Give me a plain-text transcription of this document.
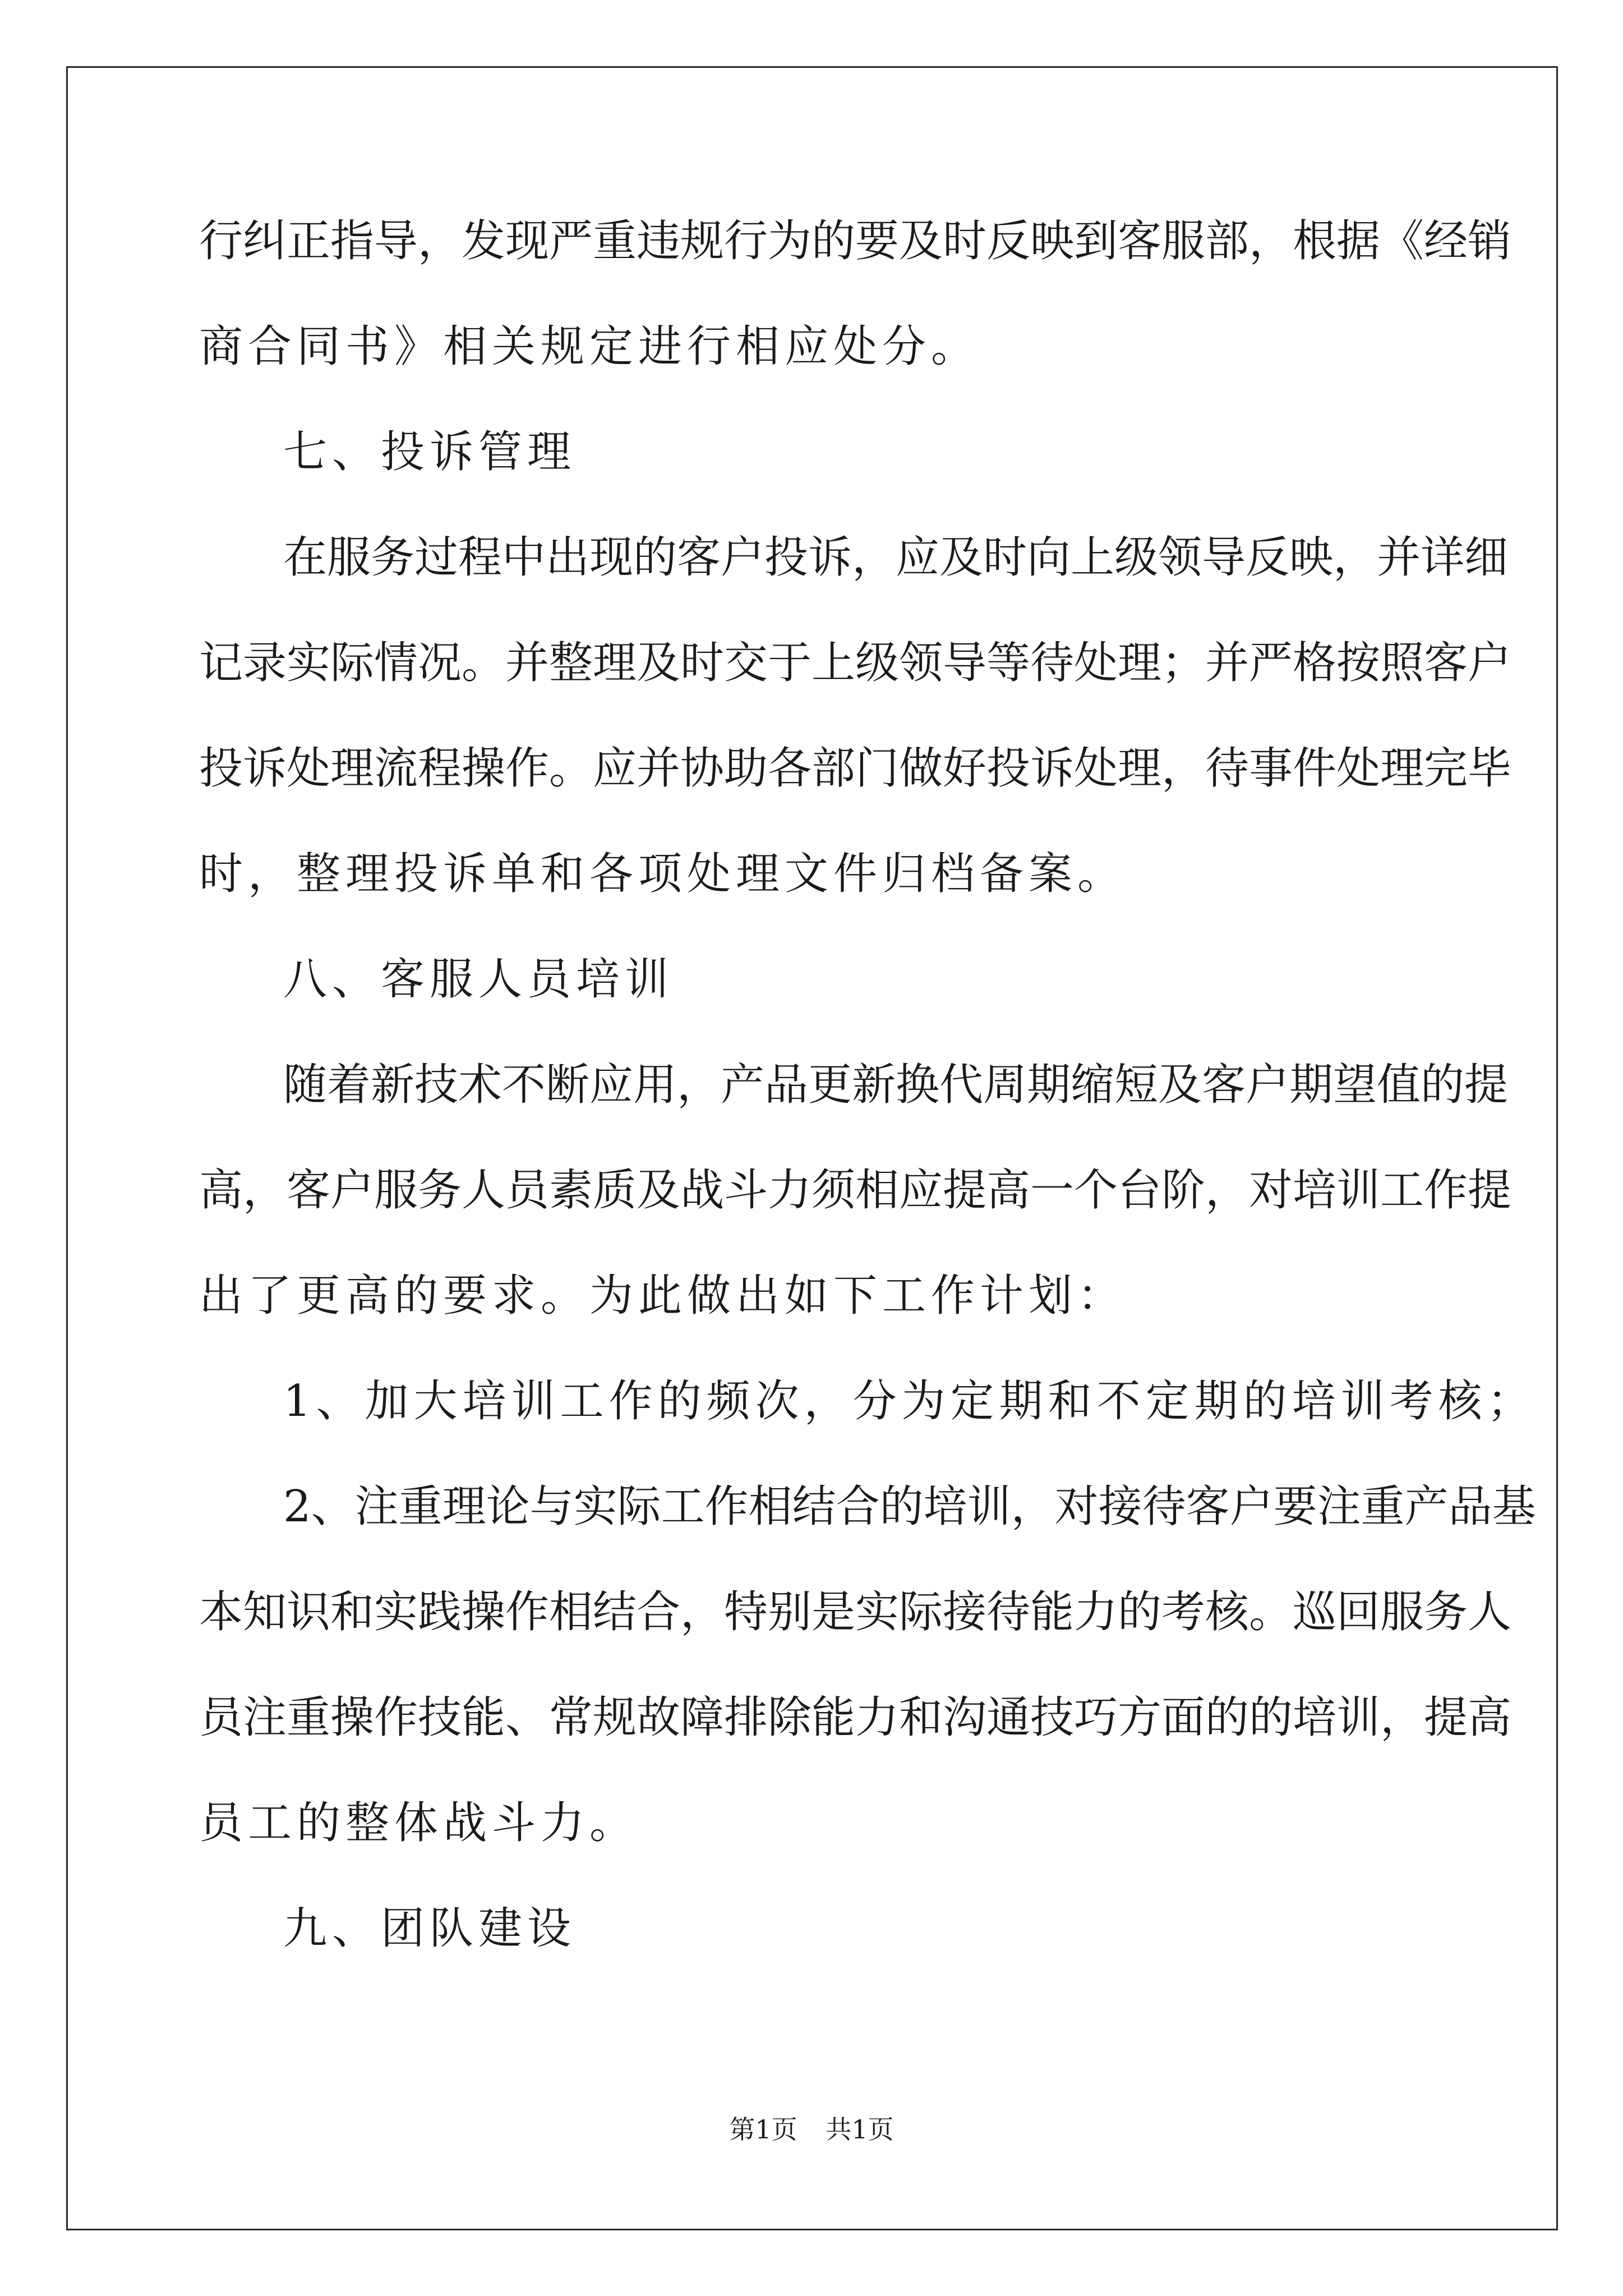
行纠正指导，发现严重违规行为的要及时反映到客服部，根据《经销
商合同书》相关规定进行相应处分。
七、投诉管理
在服务过程中出现的客户投诉，应及时向上级领导反映，并详细
记录实际情况。并整理及时交于上级领导等待处理；并严格按照客户
投诉处理流程操作。应并协助各部门做好投诉处理，待事件处理完毕
时，整理投诉单和各项处理文件归档备案。
八、客服人员培训
随着新技术不断应用，产品更新换代周期缩短及客户期望值的提
高，客户服务人员素质及战斗力须相应提高一个台阶，对培训工作提
出了更高的要求。为此做出如下工作计划：
1、加大培训工作的频次，分为定期和不定期的培训考核；
2、注重理论与实际工作相结合的培训，对接待客户要注重产品基
本知识和实践操作相结合，特别是实际接待能力的考核。巡回服务人
员注重操作技能、常规故障排除能力和沟通技巧方面的的培训，提高
员工的整体战斗力。
九、团队建设
第1页 共1页
